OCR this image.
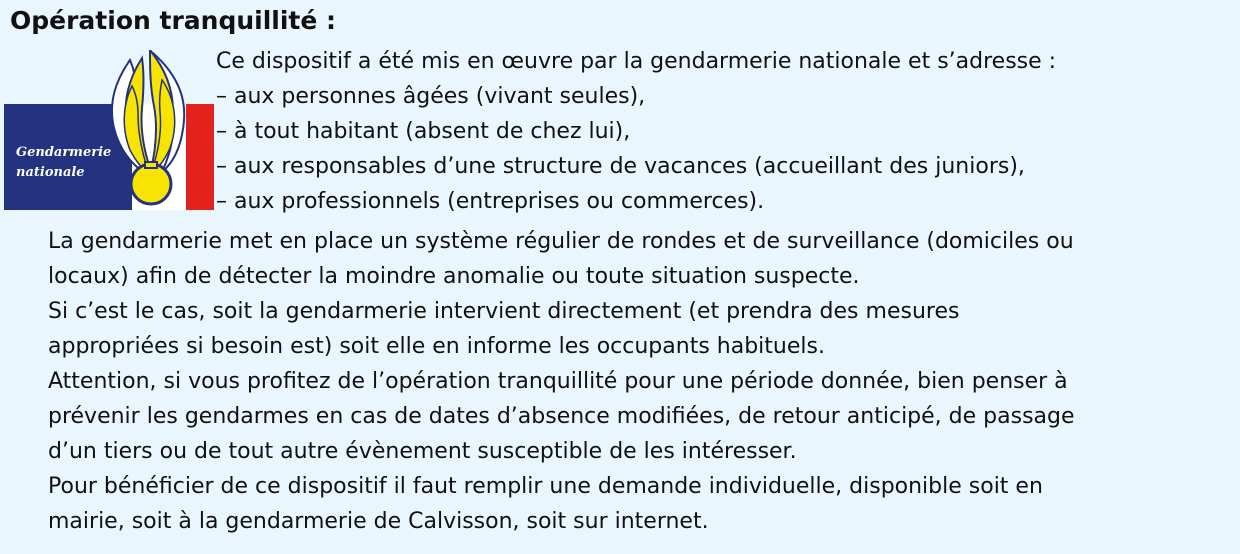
Opération tranquillité :
Gendarmerie
nationale
Ce dispositif a été mis en œuvre par la gendarmerie nationale et s’adresse :
– aux personnes âgées (vivant seules),
– à tout habitant (absent de chez lui),
– aux responsables d’une structure de vacances (accueillant des juniors),
– aux professionnels (entreprises ou commerces).
La gendarmerie met en place un système régulier de rondes et de surveillance (domiciles ou
locaux) afin de détecter la moindre anomalie ou toute situation suspecte.
Si c’est le cas, soit la gendarmerie intervient directement (et prendra des mesures
appropriées si besoin est) soit elle en informe les occupants habituels.
Attention, si vous profitez de l’opération tranquillité pour une période donnée, bien penser à
prévenir les gendarmes en cas de dates d’absence modifiées, de retour anticipé, de passage
d’un tiers ou de tout autre évènement susceptible de les intéresser.
Pour bénéficier de ce dispositif il faut remplir une demande individuelle, disponible soit en
mairie, soit à la gendarmerie de Calvisson, soit sur internet.
